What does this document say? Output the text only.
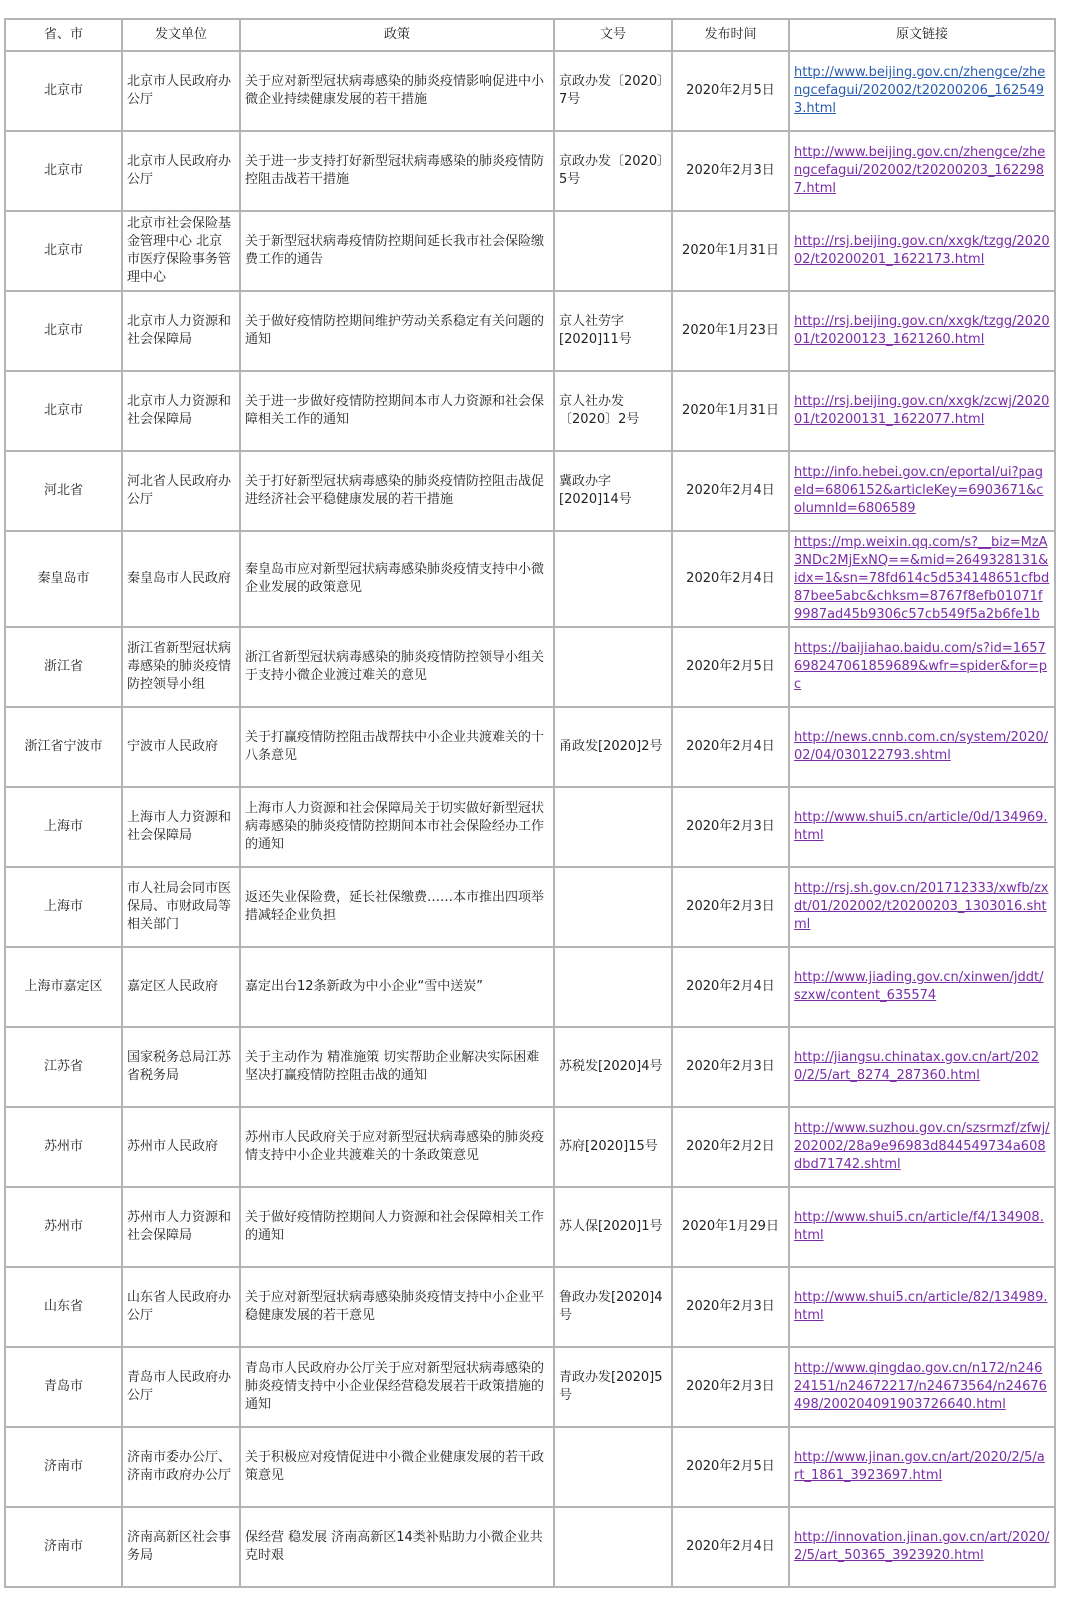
省、市	发文单位	政策	文号	发布时间	原文链接
北京市	北京市人民政府办公厅	关于应对新型冠状病毒感染的肺炎疫情影响促进中小微企业持续健康发展的若干措施	京政办发〔2020〕7号	2020年2月5日	http://www.beijing.gov.cn/zhengce/zhengcefagui/202002/t20200206_1625493.html
北京市	北京市人民政府办公厅	关于进一步支持打好新型冠状病毒感染的肺炎疫情防控阻击战若干措施	京政办发〔2020〕5号	2020年2月3日	http://www.beijing.gov.cn/zhengce/zhengcefagui/202002/t20200203_1622987.html
北京市	北京市社会保险基金管理中心 北京市医疗保险事务管理中心	关于新型冠状病毒疫情防控期间延长我市社会保险缴费工作的通告		2020年1月31日	http://rsj.beijing.gov.cn/xxgk/tzgg/202002/t20200201_1622173.html
北京市	北京市人力资源和社会保障局	关于做好疫情防控期间维护劳动关系稳定有关问题的通知	京人社劳字[2020]11号	2020年1月23日	http://rsj.beijing.gov.cn/xxgk/tzgg/202001/t20200123_1621260.html
北京市	北京市人力资源和社会保障局	关于进一步做好疫情防控期间本市人力资源和社会保障相关工作的通知	京人社办发〔2020〕2号	2020年1月31日	http://rsj.beijing.gov.cn/xxgk/zcwj/202001/t20200131_1622077.html
河北省	河北省人民政府办公厅	关于打好新型冠状病毒感染的肺炎疫情防控阻击战促进经济社会平稳健康发展的若干措施	冀政办字[2020]14号	2020年2月4日	http://info.hebei.gov.cn/eportal/ui?pageId=6806152&articleKey=6903671&columnId=6806589
秦皇岛市	秦皇岛市人民政府	秦皇岛市应对新型冠状病毒感染肺炎疫情支持中小微企业发展的政策意见		2020年2月4日	https://mp.weixin.qq.com/s?__biz=MzA3NDc2MjExNQ==&mid=2649328131&idx=1&sn=78fd614c5d534148651cfbd87bee5abc&chksm=8767f8efb01071f9987ad45b9306c57cb549f5a2b6fe1b
浙江省	浙江省新型冠状病毒感染的肺炎疫情防控领导小组	浙江省新型冠状病毒感染的肺炎疫情防控领导小组关于支持小微企业渡过难关的意见		2020年2月5日	https://baijiahao.baidu.com/s?id=1657698247061859689&wfr=spider&for=pc
浙江省宁波市	宁波市人民政府	关于打赢疫情防控阻击战帮扶中小企业共渡难关的十八条意见	甬政发[2020]2号	2020年2月4日	http://news.cnnb.com.cn/system/2020/02/04/030122793.shtml
上海市	上海市人力资源和社会保障局	上海市人力资源和社会保障局关于切实做好新型冠状病毒感染的肺炎疫情防控期间本市社会保险经办工作的通知		2020年2月3日	http://www.shui5.cn/article/0d/134969.html
上海市	市人社局会同市医保局、市财政局等相关部门	返还失业保险费，延长社保缴费……本市推出四项举措减轻企业负担		2020年2月3日	http://rsj.sh.gov.cn/201712333/xwfb/zxdt/01/202002/t20200203_1303016.shtml
上海市嘉定区	嘉定区人民政府	嘉定出台12条新政为中小企业“雪中送炭”		2020年2月4日	http://www.jiading.gov.cn/xinwen/jddt/szxw/content_635574
江苏省	国家税务总局江苏省税务局	关于主动作为 精准施策 切实帮助企业解决实际困难坚决打赢疫情防控阻击战的通知	苏税发[2020]4号	2020年2月3日	http://jiangsu.chinatax.gov.cn/art/2020/2/5/art_8274_287360.html
苏州市	苏州市人民政府	苏州市人民政府关于应对新型冠状病毒感染的肺炎疫情支持中小企业共渡难关的十条政策意见	苏府[2020]15号	2020年2月2日	http://www.suzhou.gov.cn/szsrmzf/zfwj/202002/28a9e96983d844549734a608dbd71742.shtml
苏州市	苏州市人力资源和社会保障局	关于做好疫情防控期间人力资源和社会保障相关工作的通知	苏人保[2020]1号	2020年1月29日	http://www.shui5.cn/article/f4/134908.html
山东省	山东省人民政府办公厅	关于应对新型冠状病毒感染肺炎疫情支持中小企业平稳健康发展的若干意见	鲁政办发[2020]4号	2020年2月3日	http://www.shui5.cn/article/82/134989.html
青岛市	青岛市人民政府办公厅	青岛市人民政府办公厅关于应对新型冠状病毒感染的肺炎疫情支持中小企业保经营稳发展若干政策措施的通知	青政办发[2020]5号	2020年2月3日	http://www.qingdao.gov.cn/n172/n24624151/n24672217/n24673564/n24676498/200204091903726640.html
济南市	济南市委办公厅、济南市政府办公厅	关于积极应对疫情促进中小微企业健康发展的若干政策意见		2020年2月5日	http://www.jinan.gov.cn/art/2020/2/5/art_1861_3923697.html
济南市	济南高新区社会事务局	保经营 稳发展 济南高新区14类补贴助力小微企业共克时艰		2020年2月4日	http://innovation.jinan.gov.cn/art/2020/2/5/art_50365_3923920.html
